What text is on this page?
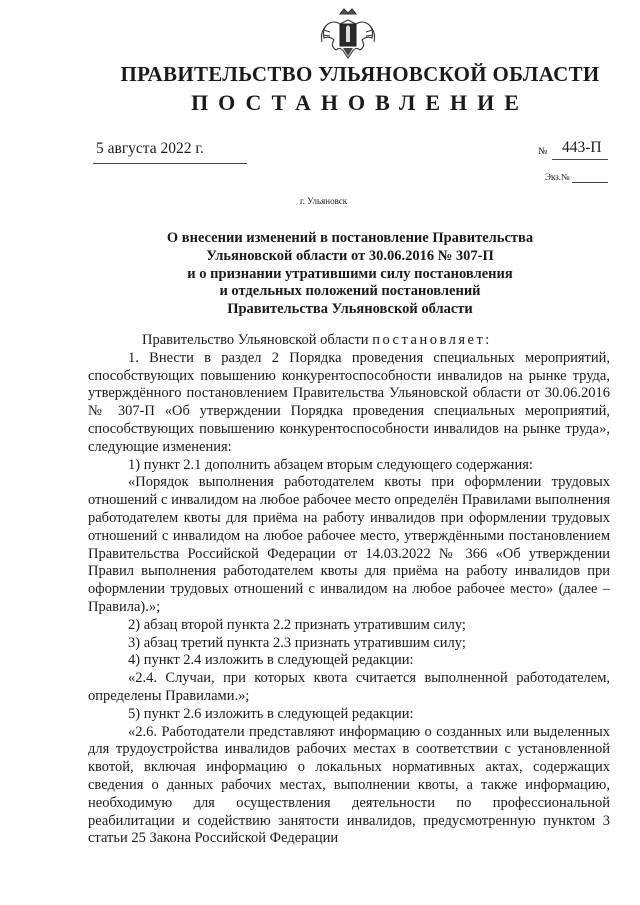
ПРАВИТЕЛЬСТВО УЛЬЯНОВСКОЙ ОБЛАСТИ
ПОСТАНОВЛЕНИЕ
5 августа 2022 г.	№ 443-П
Экз.№
г. Ульяновск
О внесении изменений в постановление Правительства
Ульяновской области от 30.06.2016 № 307-П
и о признании утратившими силу постановления
и отдельных положений постановлений
Правительства Ульяновской области

Правительство Ульяновской области постановляет:

1. Внести в раздел 2 Порядка проведения специальных мероприятий, способствующих повышению конкурентоспособности инвалидов на рынке труда, утверждённого постановлением Правительства Ульяновской области от 30.06.2016 № 307-П «Об утверждении Порядка проведения специальных мероприятий, способствующих повышению конкурентоспособности инвалидов на рынке труда», следующие изменения:

1) пункт 2.1 дополнить абзацем вторым следующего содержания:

«Порядок выполнения работодателем квоты при оформлении трудовых отношений с инвалидом на любое рабочее место определён Правилами выполнения работодателем квоты для приёма на работу инвалидов при оформлении трудовых отношений с инвалидом на любое рабочее место, утверждёнными постановлением Правительства Российской Федерации от 14.03.2022 № 366 «Об утверждении Правил выполнения работодателем квоты для приёма на работу инвалидов при оформлении трудовых отношений с инвалидом на любое рабочее место» (далее – Правила).»;

2) абзац второй пункта 2.2 признать утратившим силу;

3) абзац третий пункта 2.3 признать утратившим силу;

4) пункт 2.4 изложить в следующей редакции:

«2.4. Случаи, при которых квота считается выполненной работодателем, определены Правилами.»;

5) пункт 2.6 изложить в следующей редакции:

«2.6. Работодатели представляют информацию о созданных или выделенных для трудоустройства инвалидов рабочих местах в соответствии с установленной квотой, включая информацию о локальных нормативных актах, содержащих сведения о данных рабочих местах, выполнении квоты, а также информацию, необходимую для осуществления деятельности по профессиональной реабилитации и содействию занятости инвалидов, предусмотренную пунктом 3 статьи 25 Закона Российской Федерации
